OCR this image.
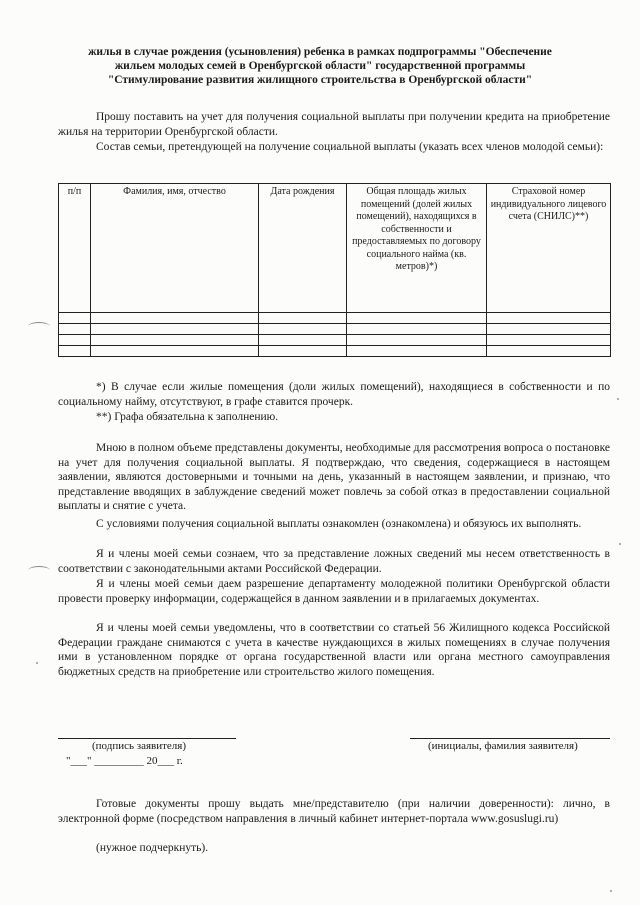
жилья в случае рождения (усыновления) ребенка в рамках подпрограммы "Обеспечение
жильем молодых семей в Оренбургской области" государственной программы
"Стимулирование развития жилищного строительства в Оренбургской области"
Прошу поставить на учет для получения социальной выплаты при получении кредита на приобретение жилья на территории Оренбургской области.
Состав семьи, претендующей на получение социальной выплаты (указать всех членов молодой семьи):
п/п	Фамилия, имя, отчество	Дата рождения	Общая площадь жилых помещений (долей жилых помещений), находящихся в собственности и предоставляемых по договору социального найма (кв. метров)*)	Страховой номер индивидуального лицевого счета (СНИЛС)**)

*) В случае если жилые помещения (доли жилых помещений), находящиеся в собственности и по социальному найму, отсутствуют, в графе ставится прочерк.
**) Графа обязательна к заполнению.
Мною в полном объеме представлены документы, необходимые для рассмотрения вопроса о постановке на учет для получения социальной выплаты. Я подтверждаю, что сведения, содержащиеся в настоящем заявлении, являются достоверными и точными на день, указанный в настоящем заявлении, и признаю, что представление вводящих в заблуждение сведений может повлечь за собой отказ в предоставлении социальной выплаты и снятие с учета.
С условиями получения социальной выплаты ознакомлен (ознакомлена) и обязуюсь их выполнять.
Я и члены моей семьи сознаем, что за представление ложных сведений мы несем ответственность в соответствии с законодательными актами Российской Федерации.
Я и члены моей семьи даем разрешение департаменту молодежной политики Оренбургской области провести проверку информации, содержащейся в данном заявлении и в прилагаемых документах.
Я и члены моей семьи уведомлены, что в соответствии со статьей 56 Жилищного кодекса Российской Федерации граждане снимаются с учета в качестве нуждающихся в жилых помещениях в случае получения ими в установленном порядке от органа государственной власти или органа местного самоуправления бюджетных средств на приобретение или строительство жилого помещения.
(подпись заявителя)	(инициалы, фамилия заявителя)
"___" _________ 20___ г.
Готовые документы прошу выдать мне/представителю (при наличии доверенности): лично, в электронной форме (посредством направления в личный кабинет интернет-портала www.gosuslugi.ru)
(нужное подчеркнуть).
